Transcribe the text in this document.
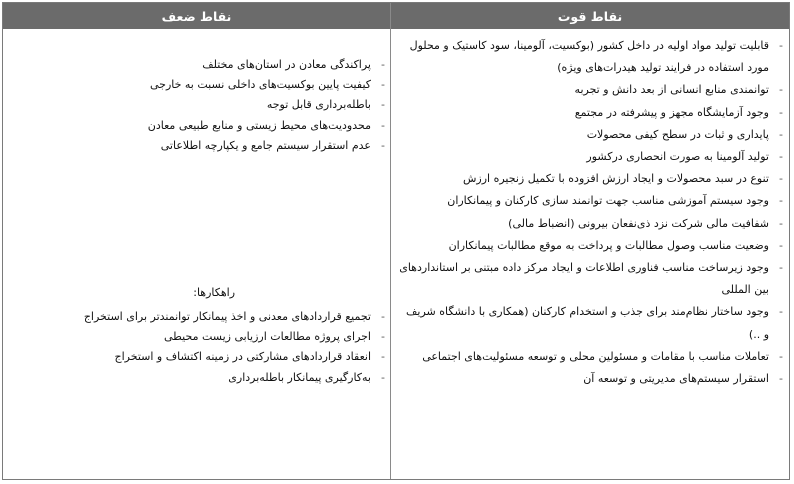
نقاط قوت
نقاط ضعف
-
قابلیت تولید مواد اولیه در داخل کشور (بوکسیت، آلومینا، سود کاستیک و محلول مورد استفاده در فرایند تولید هیدرات‌های ویژه)
-
توانمندی منابع انسانی از بعد دانش و تجربه
-
وجود آزمایشگاه مجهز و پیشرفته در مجتمع
-
پایداری و ثبات در سطح کیفی محصولات
-
تولید آلومینا به صورت انحصاری درکشور
-
تنوع در سبد محصولات و ایجاد ارزش افزوده با تکمیل زنجیره ارزش
-
وجود سیستم آموزشی مناسب جهت توانمند سازی کارکنان و پیمانکاران
-
شفافیت مالی شرکت نزد ذی‌نفعان بیرونی (انضباط مالی)
-
وضعیت مناسب وصول مطالبات و پرداخت به موقع مطالبات پیمانکاران
-
وجود زیرساخت مناسب فناوری اطلاعات و ایجاد مرکز داده مبتنی بر استانداردهای بین المللی
-
وجود ساختار نظام‌مند برای جذب و استخدام کارکنان (همکاری با دانشگاه شریف و ..)
-
تعاملات مناسب با مقامات و مسئولین محلی و توسعه مسئولیت‌های اجتماعی
-
استقرار سیستم‌های مدیریتی و توسعه آن
-
پراکندگی معادن در استان‌های مختلف
-
کیفیت پایین بوکسیت‌های داخلی نسبت به خارجی
-
باطله‌برداری قابل توجه
-
محدودیت‌های محیط زیستی و منابع طبیعی معادن
-
عدم استقرار سیستم جامع و یکپارچه اطلاعاتی
راهکارها:
-
تجمیع قراردادهای معدنی و اخذ پیمانکار توانمندتر برای استخراج
-
اجرای پروژه مطالعات ارزیابی زیست محیطی
-
انعقاد قراردادهای مشارکتی در زمینه اکتشاف و استخراج
-
به‌کارگیری پیمانکار باطله‌برداری
